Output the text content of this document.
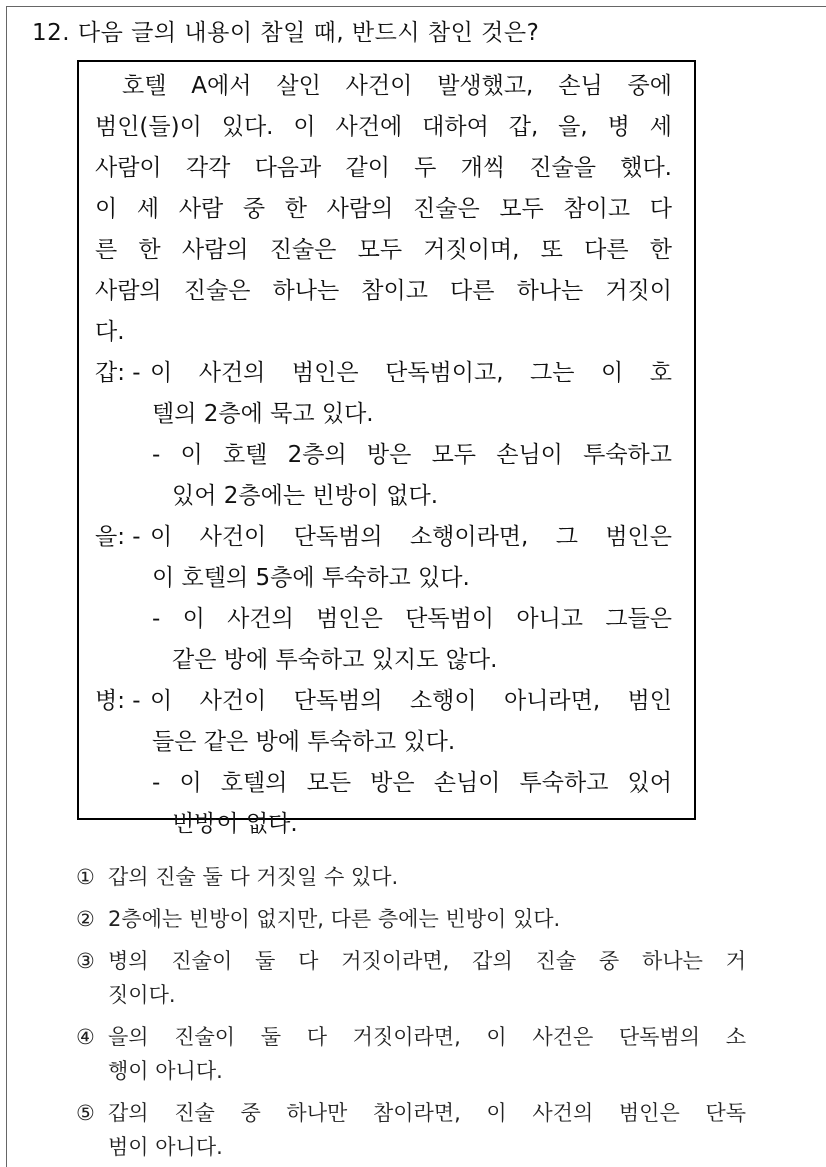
12. 다음 글의 내용이 참일 때, 반드시 참인 것은?
호텔 A에서 살인 사건이 발생했고, 손님 중에
범인(들)이 있다. 이 사건에 대하여 갑, 을, 병 세
사람이 각각 다음과 같이 두 개씩 진술을 했다.
이 세 사람 중 한 사람의 진술은 모두 참이고 다
른 한 사람의 진술은 모두 거짓이며, 또 다른 한
사람의 진술은 하나는 참이고 다른 하나는 거짓이
다.
갑: - 이 사건의 범인은 단독범이고, 그는 이 호
텔의 2층에 묵고 있다.
- 이 호텔 2층의 방은 모두 손님이 투숙하고
있어 2층에는 빈방이 없다.
을: - 이 사건이 단독범의 소행이라면, 그 범인은
이 호텔의 5층에 투숙하고 있다.
- 이 사건의 범인은 단독범이 아니고 그들은
같은 방에 투숙하고 있지도 않다.
병: - 이 사건이 단독범의 소행이 아니라면, 범인
들은 같은 방에 투숙하고 있다.
- 이 호텔의 모든 방은 손님이 투숙하고 있어
빈방이 없다.
① 갑의 진술 둘 다 거짓일 수 있다.
② 2층에는 빈방이 없지만, 다른 층에는 빈방이 있다.
③ 병의 진술이 둘 다 거짓이라면, 갑의 진술 중 하나는 거
짓이다.
④ 을의 진술이 둘 다 거짓이라면, 이 사건은 단독범의 소
행이 아니다.
⑤ 갑의 진술 중 하나만 참이라면, 이 사건의 범인은 단독
범이 아니다.
